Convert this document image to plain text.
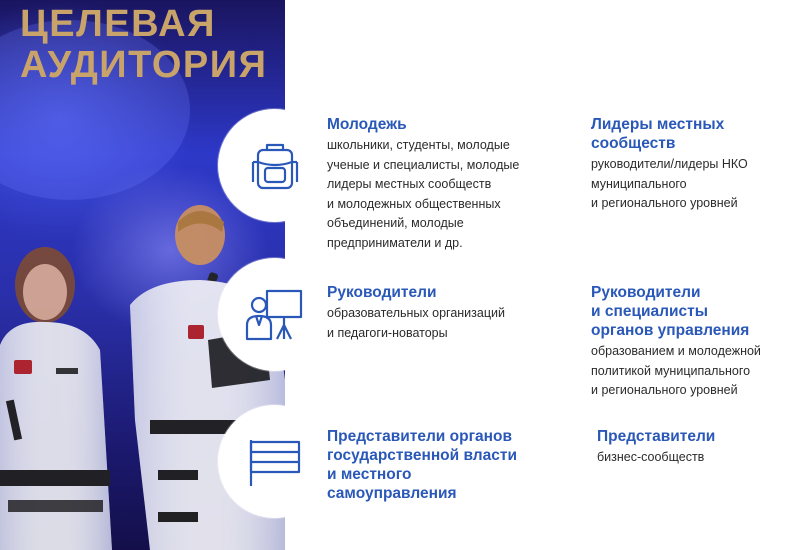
ЦЕЛЕВАЯ
АУДИТОРИЯ
Молодежь

школьники, студенты, молодые
ученые и специалисты, молодые
лидеры местных сообществ
и молодежных общественных
объединений, молодые
предприниматели и др.

Лидеры местных
сообществ

руководители/лидеры НКО
муниципального
и регионального уровней

Руководители

образовательных организаций
и педагоги-новаторы

Руководители
и специалисты
органов управления

образованием и молодежной
политикой муниципального
и регионального уровней

Представители органов
государственной власти
и местного
самоуправления
Представители

бизнес-сообществ
